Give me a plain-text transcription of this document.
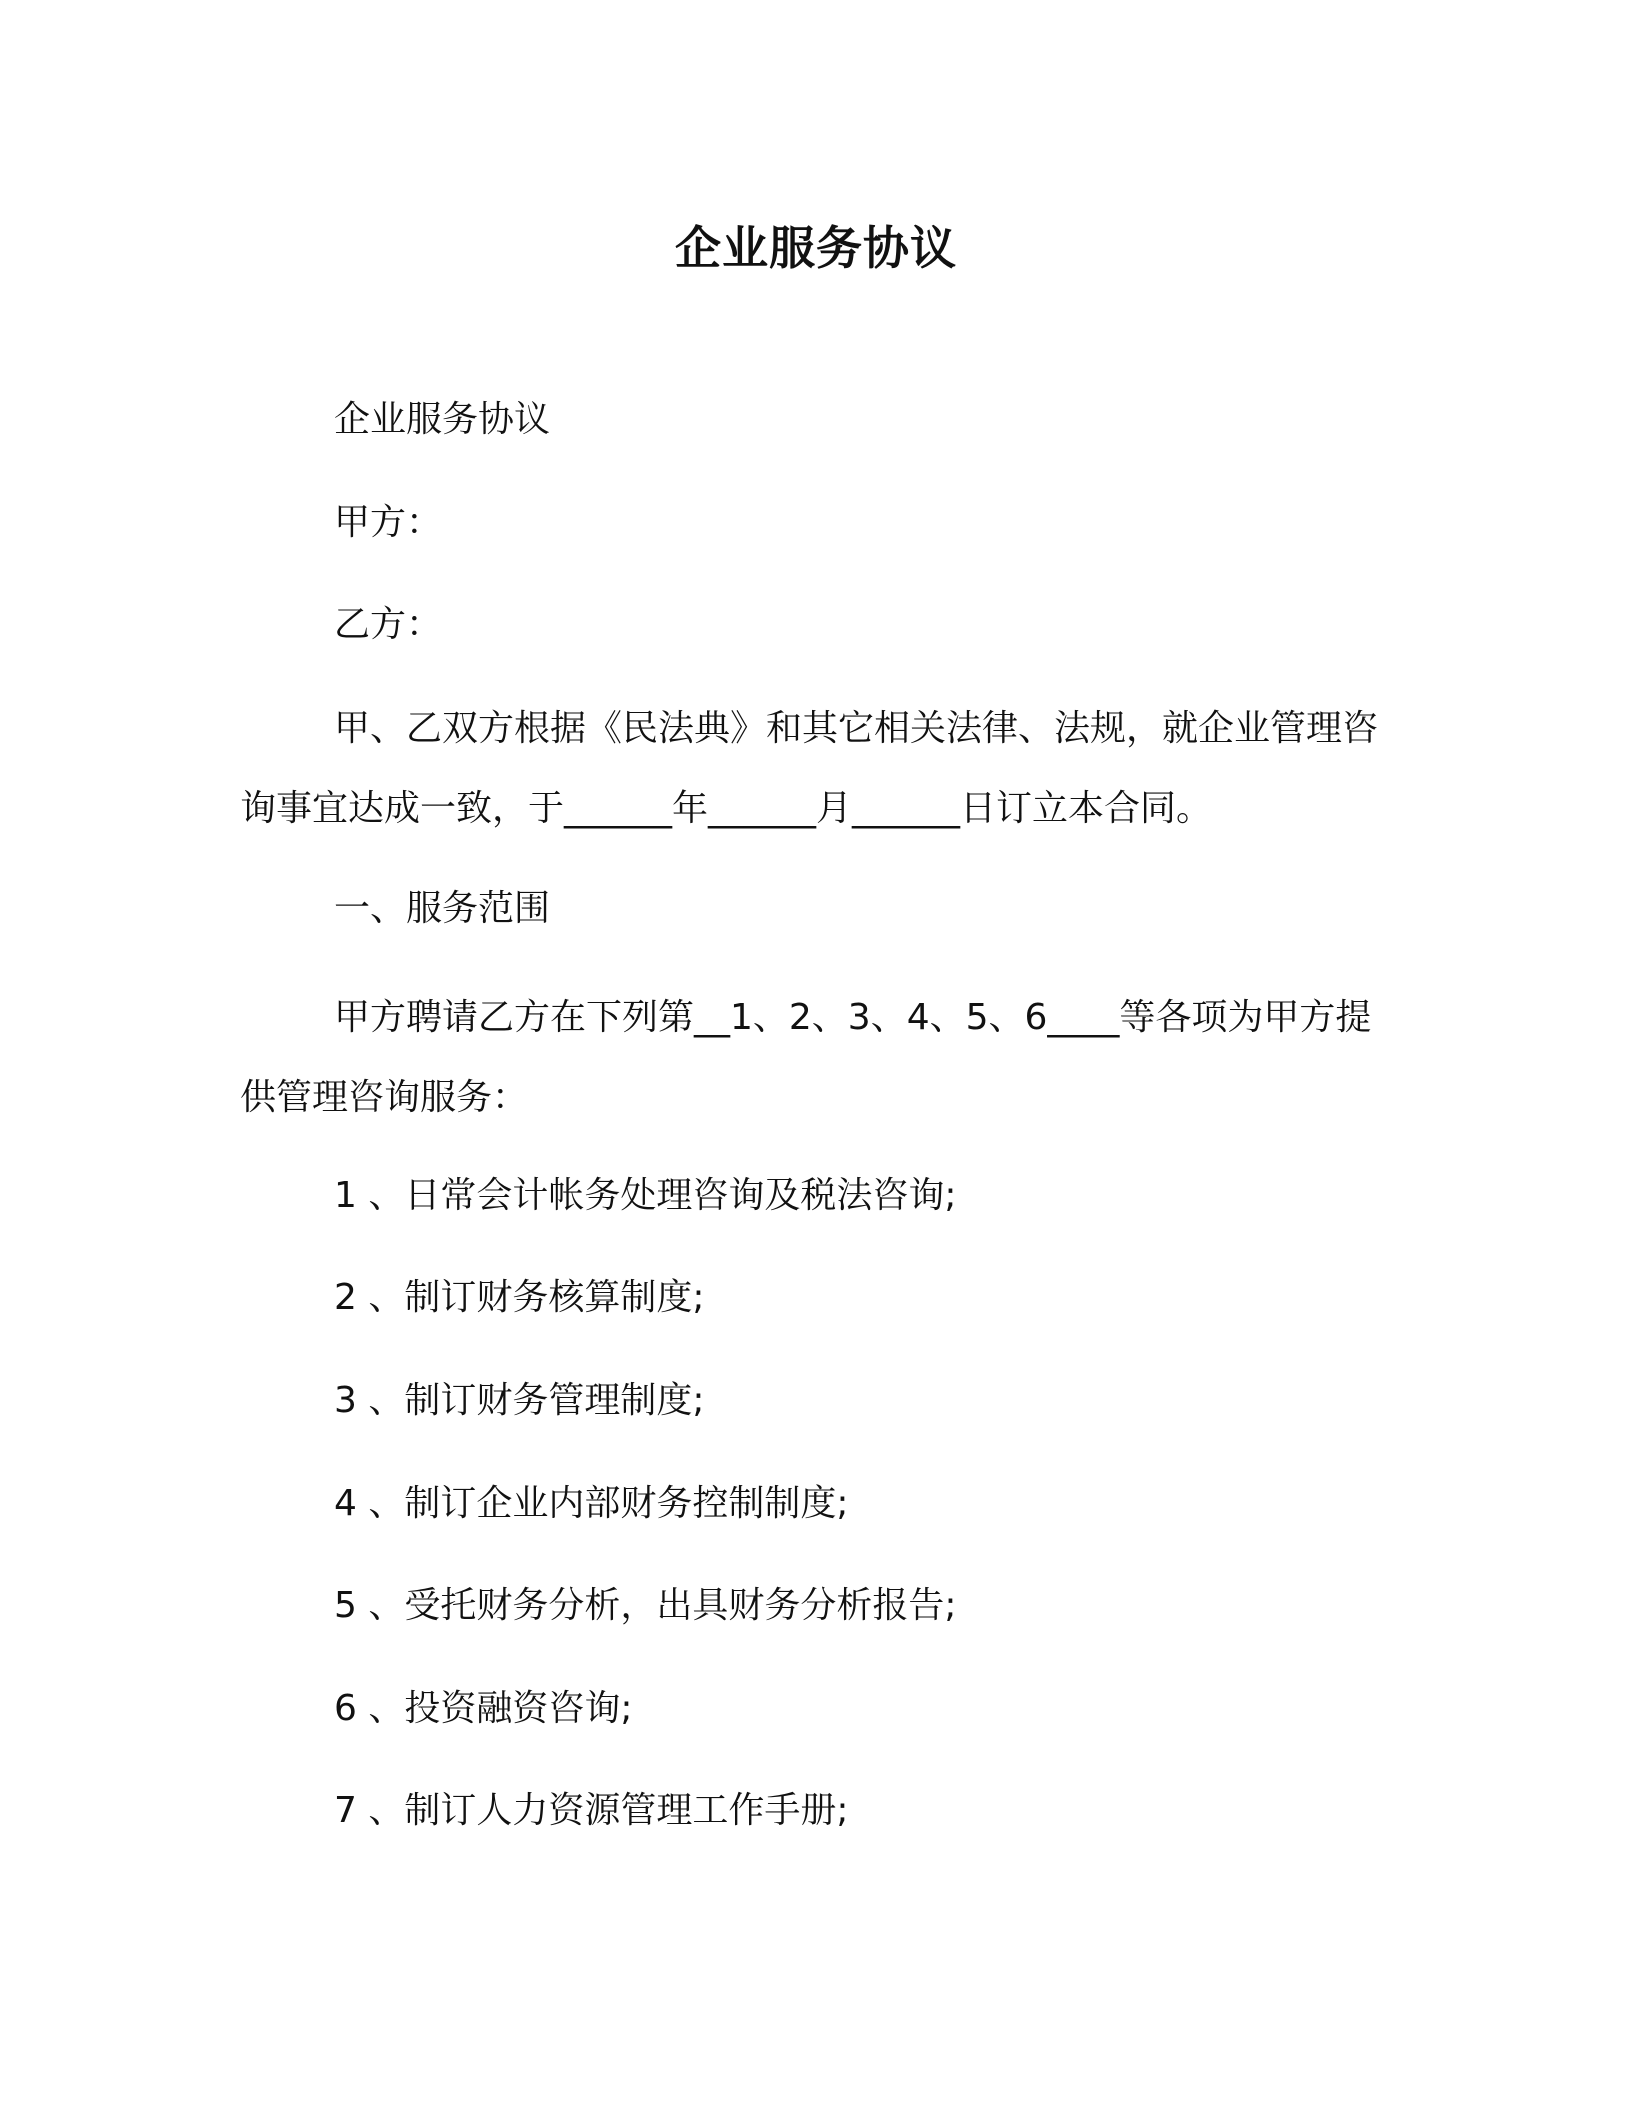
企业服务协议
企业服务协议
甲方：
乙方：
甲、乙双方根据《民法典》和其它相关法律、法规，就企业管理咨询事宜达成一致，于______年______月______日订立本合同。
一、服务范围
甲方聘请乙方在下列第__1、2、3、4、5、6____等各项为甲方提供管理咨询服务：
1 、日常会计帐务处理咨询及税法咨询;
2 、制订财务核算制度;
3 、制订财务管理制度;
4 、制订企业内部财务控制制度;
5 、受托财务分析，出具财务分析报告;
6 、投资融资咨询;
7 、制订人力资源管理工作手册;
